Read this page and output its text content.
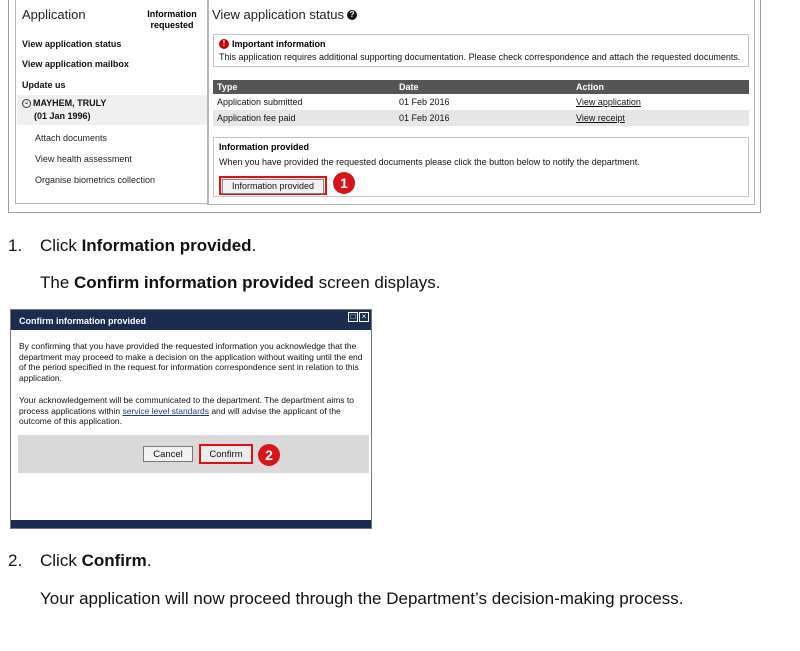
Application	Information requested
View application status
View application mailbox
Update us
⌄ MAYHEM, TRULY
(01 Jan 1996)
Attach documents
View health assessment
Organise biometrics collection
View application status ?
! Important information
This application requires additional supporting documentation. Please check correspondence and attach the requested documents.
Type	Date	Action
Application submitted	01 Feb 2016	View application
Application fee paid	01 Feb 2016	View receipt
Information provided
When you have provided the requested documents please click the button below to notify the department.
Information provided	1
1. Click Information provided.
The Confirm information provided screen displays.
Confirm information provided	□ ×
By confirming that you have provided the requested information you acknowledge that the department may proceed to make a decision on the application without waiting until the end of the period specified in the request for information correspondence sent in relation to this application.
Your acknowledgement will be communicated to the department. The department aims to process applications within service level standards and will advise the applicant of the outcome of this application.
Cancel	Confirm	2
2. Click Confirm.
Your application will now proceed through the Department’s decision-making process.
